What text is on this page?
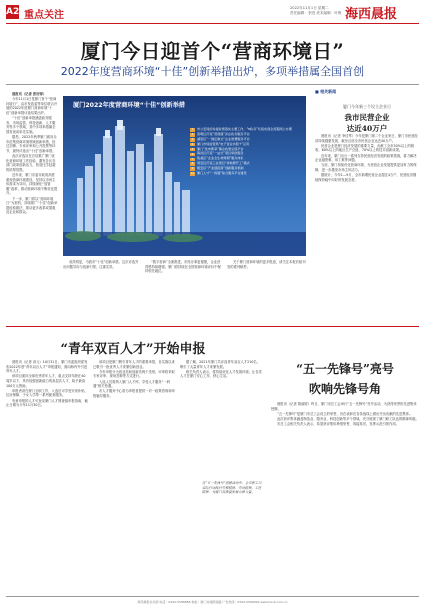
A2 重点关注
2022年11月1日 星期二
责任编辑：李进 美术编辑：叶维 海西晨报
厦门今日迎首个“营商环境日”
2022年度营商环境“十佳”创新举措出炉，多项举措属全国首创

晨报讯（记者 张好婷）

今年11月1日是厦门首个“营商环境日”，由市发改委等单位联合开展的2022年度厦门营商环境“十佳”创新举措评选结果出炉。

“十佳”创新举措涵盖政务服务、市场监管、科技创新、人才服务等多个领域，其中多项举措属全国首创或率先实施。

据悉，2022年秋季厦门面向全市征集营商环境领域创新举措，经过初筛、专家评审和公开投票等环节，最终评选出“十佳”创新举措。

此次评选旨在总结推广厦门优化营商环境工作经验，激发各区各部门改革创新活力，营造比学赶超的浓厚氛围。

近年来，厦门市委市政府高度重视营商环境建设，坚持以市场主体需求为导向，持续深化“放管服”改革，推动营商环境不断优化提升。

下一步，厦门将以“营商环境日”为契机，持续推广“十佳”创新举措经验做法，推动更多改革成果惠及企业和群众。

1	市公安局的对接政策落实主要工作，“e政务”系统实现全流程网上办理
2	思明区打造“营商通”涉企政务服务平台
3	湖里区“一键定制式”企业智慧服务平台
4	厦门市场监管局“电子营业执照+”应用
5	厦门“免申即享”惠企政策兑现平台
6	海沧区打造“一站式”项目审批服务
7	集美区“企业全生命周期”服务体系
8	同安区打造工业项目“拿地即开工”模式
9	翔安区“产业链招商”创新服务机制
10 厦门人才“一码通”综合服务平台建设
厦门2022年度营商环境“十佳”创新举措

成效明显，为我市“十佳”创新举措。这次评选突出问题导向与创新引领，注重实效。

“数字营商”全面推进，市民办事更便捷，企业获得感持续增强。厦门将持续在全国营商环境评价中保持领先地位。

关于厦门营商环境的更多报道，请关注本报后续刊发的系列稿件。

■ 相关新闻
厦门今年新三个设立企业日
我市民营企业
达近40万户

晨报讯（记者 李佳琴）今年是厦门第二个企业家日，厦门市民营经济持续健康发展，截至目前全市民营企业达近40万户。

民营企业是厦门经济发展的重要力量，贡献了全市50%以上的税收、60%以上的地区生产总值、70%以上的技术创新成果。

近年来，厦门出台一系列支持民营经济发展的政策措施，着力解决企业融资难、用工难等问题。

当前，厦门持续优化营商环境，为民营企业发展提供更加有力的保障，进一步激发市场主体活力。

据统计，今年1—9月，全市新增民营企业超过4万户，民营经济继续保持稳中向好的发展态势。

“青年双百人才”开始申报

晨报讯（记者 高元）10月31日，厦门市委组织部发布2022年度“青年双百人才”申报通知，面向海内外引进青年人才。

该项目面向全球优秀青年人才，重点支持年龄在40周岁以下、具有较强创新能力的高层次人才，给予最高100万元资助。

申报者须在厦门全职工作，入选后可享受安家补贴、住房保障、子女入学等一系列配套服务。

有意申报的人才可登录厦门人才网查阅申报指南，截止日期为今年11月30日。

该项目是厦门吸引青年人才的重要举措，自实施以来已吸引一批优秀人才来厦创新创业。

今年申报分为创业类和创新类两个类别，评审将采取专家评审、现场答辩等方式进行。

入选人员将纳入厦门人才库，享受人才服务“一码通”相关待遇。

市人才服务中心将为申报者提供一对一政策咨询和申报辅导服务。

据了解，2021年厦门共评选青年双百人才210名，吸引了大量青年人才来厦发展。

相关负责人表示，将持续优化人才发展环境，让各类人才在厦门安心工作、舒心生活。

在“五一先锋号”创建活动中，全市职工以实际行动践行劳模精神、劳动精神、工匠精神，为厦门高质量发展贡献力量。
“五一先锋号”亮号
吹响先锋号角

晨报讯（记者 陈丽婷）昨日，厦门市总工会举行“五一先锋号”亮号活动，为获得荣誉的先进集体授牌。

“五一先锋号”是厦门市总工会设立的荣誉，旨在表彰在各条战线上做出突出贡献的先进集体。

此次获评集体涵盖制造业、服务业、科技创新等多个领域，充分展现了厦门职工队伍的精神风貌。

市总工会相关负责人表示，希望获评集体珍惜荣誉、再接再厉，发挥示范引领作用。

海西晨报社出版 电话：0592-5588888 地址：厦门市湖滨南路 广告热线：0592-5589999 www.hxcb.com.cn
